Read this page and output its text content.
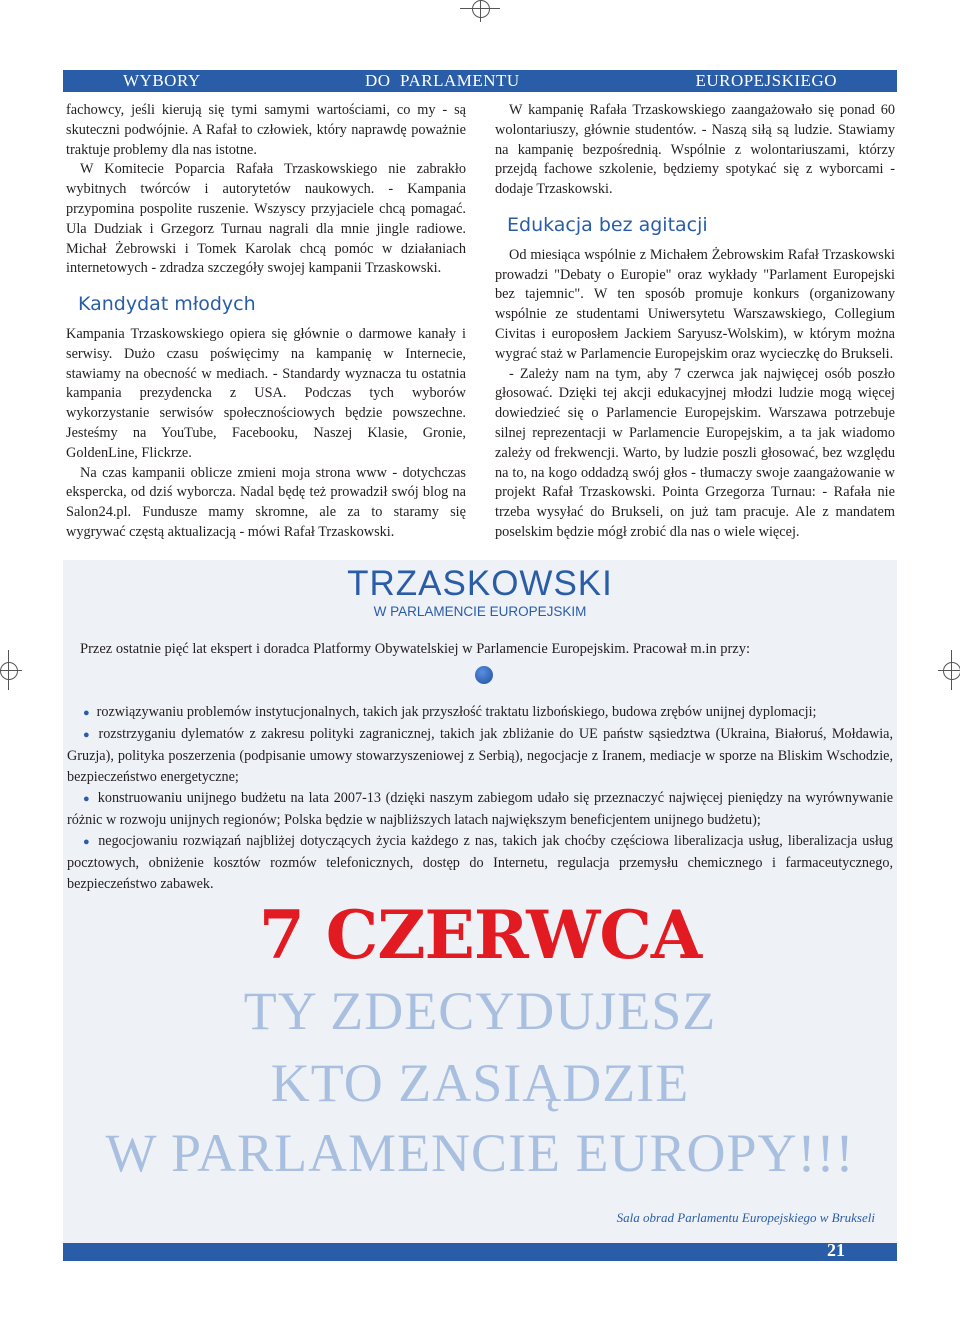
WYBORY	DO  PARLAMENTU	EUROPEJSKIEGO

fachowcy, jeśli kierują się tymi samymi wartościami, co my - są skuteczni podwójnie. A Rafał to człowiek, który naprawdę poważnie traktuje problemy dla nas istotne.

W Komitecie Poparcia Rafała Trzaskowskiego nie zabrakło wybitnych twórców i autorytetów naukowych. - Kampania przypomina pospolite ruszenie. Wszyscy przyjaciele chcą pomagać. Ula Dudziak i Grzegorz Turnau nagrali dla mnie jingle radiowe. Michał Żebrowski i Tomek Karolak chcą pomóc w działaniach internetowych - zdradza szczegóły swojej kampanii Trzaskowski.

Kandydat młodych

Kampania Trzaskowskiego opiera się głównie o darmowe kanały i serwisy. Dużo czasu poświęcimy na kampanię w Internecie, stawiamy na obecność w mediach. - Standardy wyznacza tu ostatnia kampania prezydencka z USA. Podczas tych wyborów wykorzystanie serwisów społecznościowych będzie powszechne. Jesteśmy na YouTube, Facebooku, Naszej Klasie, Gronie, GoldenLine, Flickrze.

Na czas kampanii oblicze zmieni moja strona www - dotychczas ekspercka, od dziś wyborcza. Nadal będę też prowadził swój blog na Salon24.pl. Fundusze mamy skromne, ale za to staramy się wygrywać częstą aktualizacją - mówi Rafał Trzaskowski.

W kampanię Rafała Trzaskowskiego zaangażowało się ponad 60 wolontariuszy, głównie studentów. - Naszą siłą są ludzie. Stawiamy na kampanię bezpośrednią. Wspólnie z wolontariuszami, którzy przejdą fachowe szkolenie, będziemy spotykać się z wyborcami - dodaje Trzaskowski.

Edukacja bez agitacji

Od miesiąca wspólnie z Michałem Żebrowskim Rafał Trzaskowski prowadzi "Debaty o Europie" oraz wykłady "Parlament Europejski bez tajemnic". W ten sposób promuje konkurs (organizowany wspólnie ze studentami Uniwersytetu Warszawskiego, Collegium Civitas i europosłem Jackiem Saryusz-Wolskim), w którym można wygrać staż w Parlamencie Europejskim oraz wycieczkę do Brukseli.

- Zależy nam na tym, aby 7 czerwca jak najwięcej osób poszło głosować. Dzięki tej akcji edukacyjnej młodzi ludzie mogą więcej dowiedzieć się o Parlamencie Europejskim. Warszawa potrzebuje silnej reprezentacji w Parlamencie Europejskim, a ta jak wiadomo zależy od frekwencji. Warto, by ludzie poszli głosować, bez względu na to, na kogo oddadzą swój głos - tłumaczy swoje zaangażowanie w projekt Rafał Trzaskowski. Pointa Grzegorza Turnau: - Rafała nie trzeba wysyłać do Brukseli, on już tam pracuje. Ale z mandatem poselskim będzie mógł zrobić dla nas o wiele więcej.

TRZASKOWSKI
W PARLAMENCIE EUROPEJSKIM
Przez ostatnie pięć lat ekspert i doradca Platformy Obywatelskiej w Parlamencie Europejskim. Pracował m.in przy:
● rozwiązywaniu problemów instytucjonalnych, takich jak przyszłość traktatu lizbońskiego, budowa zrębów unijnej dyplomacji;
● rozstrzyganiu dylematów z zakresu polityki zagranicznej, takich jak zbliżanie do UE państw sąsiedztwa (Ukraina, Białoruś, Mołdawia, Gruzja), polityka poszerzenia (podpisanie umowy stowarzyszeniowej z Serbią), negocjacje z Iranem, mediacje w sporze na Bliskim Wschodzie, bezpieczeństwo energetyczne;
● konstruowaniu unijnego budżetu na lata 2007-13 (dzięki naszym zabiegom udało się przeznaczyć najwięcej pieniędzy na wyrównywanie różnic w rozwoju unijnych regionów; Polska będzie w najbliższych latach największym beneficjentem unijnego budżetu);
● negocjowaniu rozwiązań najbliżej dotyczących życia każdego z nas, takich jak choćby częściowa liberalizacja usług, liberalizacja usług pocztowych, obniżenie kosztów rozmów telefonicznych, dostęp do Internetu, regulacja przemysłu chemicznego i farmaceutycznego, bezpieczeństwo zabawek.
7 CZERWCA
TY ZDECYDUJESZ
KTO ZASIĄDZIE
W PARLAMENCIE EUROPY!!!
Sala obrad Parlamentu Europejskiego w Brukseli
21
